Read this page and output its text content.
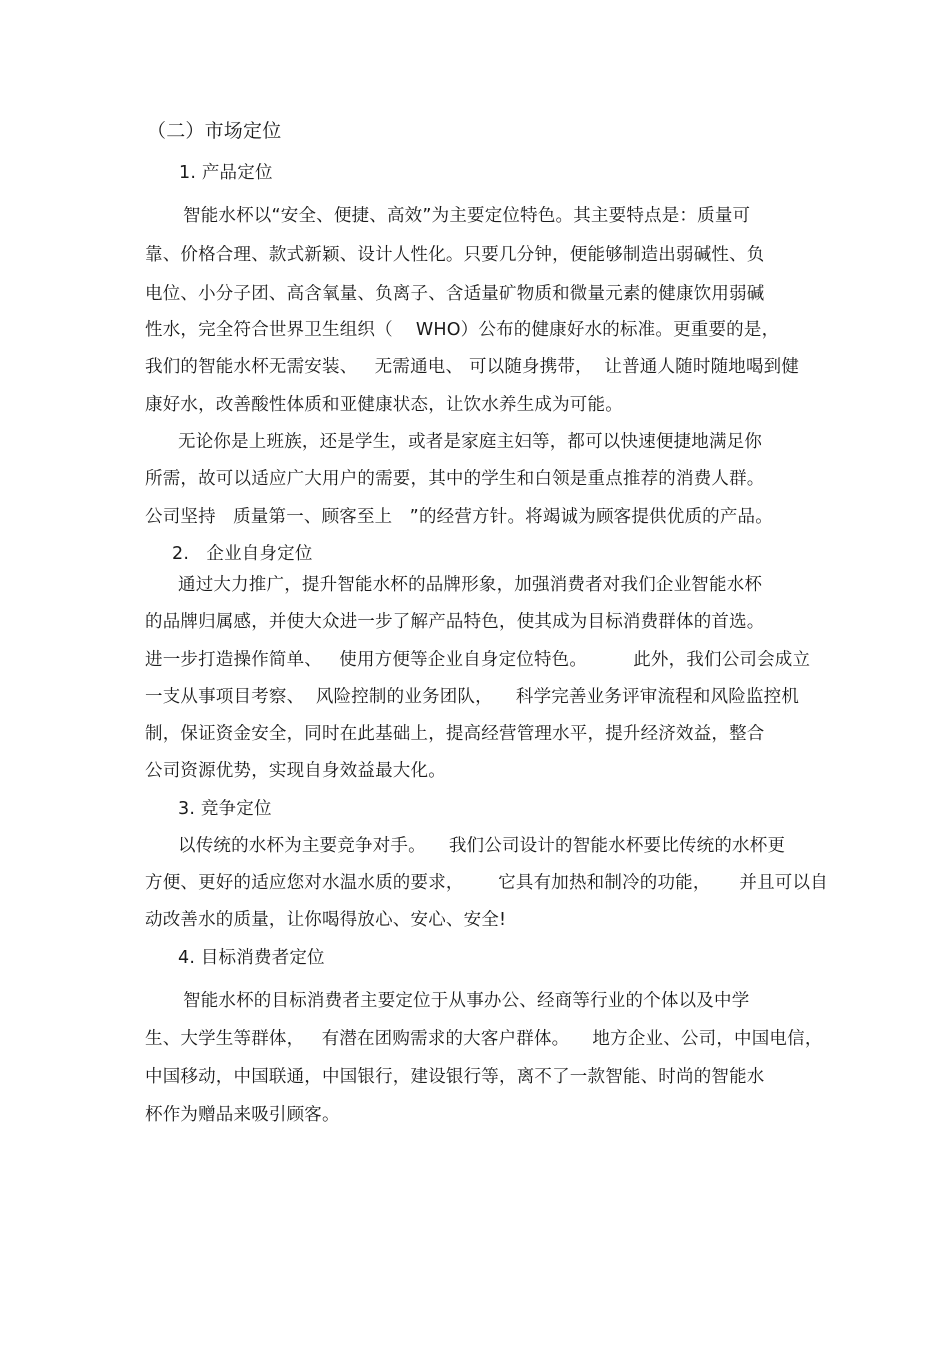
（二）市场定位
1. 产品定位
智能水杯以“安全、便捷、高效”为主要定位特色。其主要特点是：质量可
靠、价格合理、款式新颖、设计人性化。只要几分钟，便能够制造出弱碱性、负
电位、小分子团、高含氧量、负离子、含适量矿物质和微量元素的健康饮用弱碱
性水，完全符合世界卫生组织（    WHO）公布的健康好水的标准。更重要的是，
我们的智能水杯无需安装、   无需通电、 可以随身携带，  让普通人随时随地喝到健
康好水，改善酸性体质和亚健康状态，让饮水养生成为可能。
无论你是上班族，还是学生，或者是家庭主妇等，都可以快速便捷地满足你
所需，故可以适应广大用户的需要，其中的学生和白领是重点推荐的消费人群。
公司坚持   质量第一、顾客至上   ”的经营方针。将竭诚为顾客提供优质的产品。
2.   企业自身定位
通过大力推广，提升智能水杯的品牌形象，加强消费者对我们企业智能水杯
的品牌归属感，并使大众进一步了解产品特色，使其成为目标消费群体的首选。
进一步打造操作简单、   使用方便等企业自身定位特色。        此外，我们公司会成立
一支从事项目考察、  风险控制的业务团队，    科学完善业务评审流程和风险监控机
制，保证资金安全，同时在此基础上，提高经营管理水平，提升经济效益，整合
公司资源优势，实现自身效益最大化。
3. 竞争定位
以传统的水杯为主要竞争对手。    我们公司设计的智能水杯要比传统的水杯更
方便、更好的适应您对水温水质的要求，      它具有加热和制冷的功能，     并且可以自
动改善水的质量，让你喝得放心、安心、安全!
4. 目标消费者定位
智能水杯的目标消费者主要定位于从事办公、经商等行业的个体以及中学
生、大学生等群体，   有潜在团购需求的大客户群体。    地方企业、公司，中国电信，
中国移动，中国联通，中国银行，建设银行等，离不了一款智能、时尚的智能水
杯作为赠品来吸引顾客。
